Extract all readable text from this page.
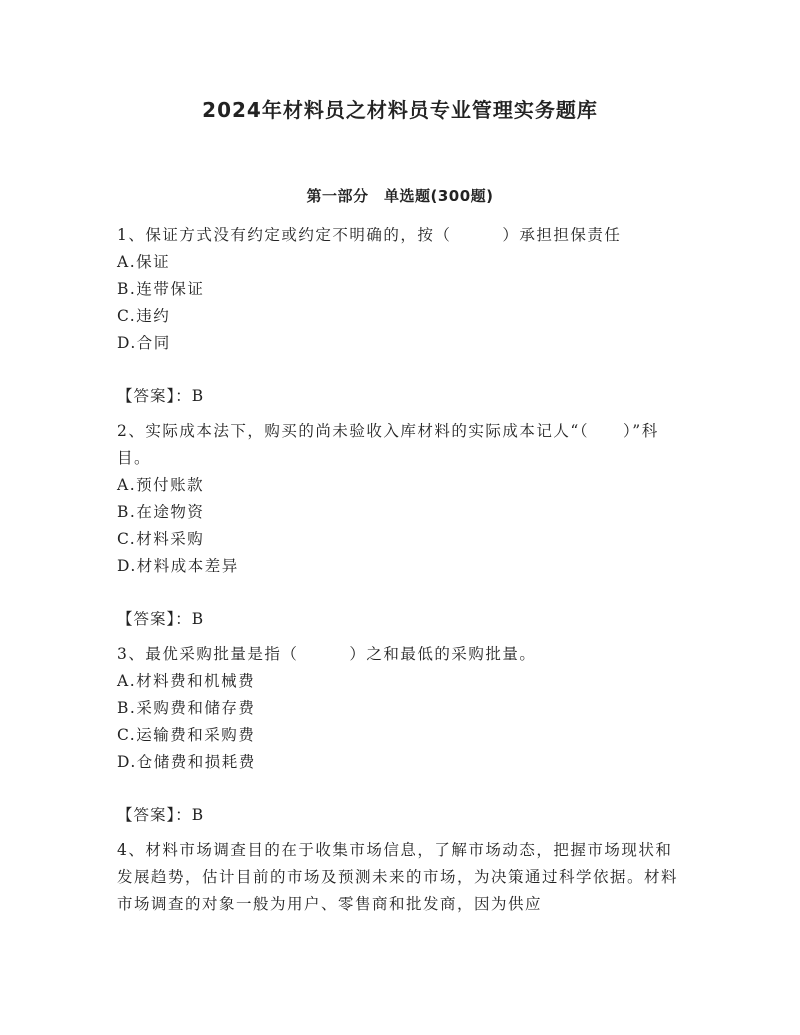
2024年材料员之材料员专业管理实务题库
第一部分　单选题(300题)

1、保证方式没有约定或约定不明确的，按（　　　）承担担保责任

A.保证
B.连带保证
C.违约
D.合同

【答案】：B

2、实际成本法下，购买的尚未验收入库材料的实际成本记人“（　　）”科目。

A.预付账款
B.在途物资
C.材料采购
D.材料成本差异

【答案】：B

3、最优采购批量是指（　　　）之和最低的采购批量。

A.材料费和机械费
B.采购费和储存费
C.运输费和采购费
D.仓储费和损耗费

【答案】：B

4、材料市场调查目的在于收集市场信息，了解市场动态，把握市场现状和发展趋势，估计目前的市场及预测未来的市场，为决策通过科学依据。材料市场调查的对象一般为用户、零售商和批发商，因为供应
